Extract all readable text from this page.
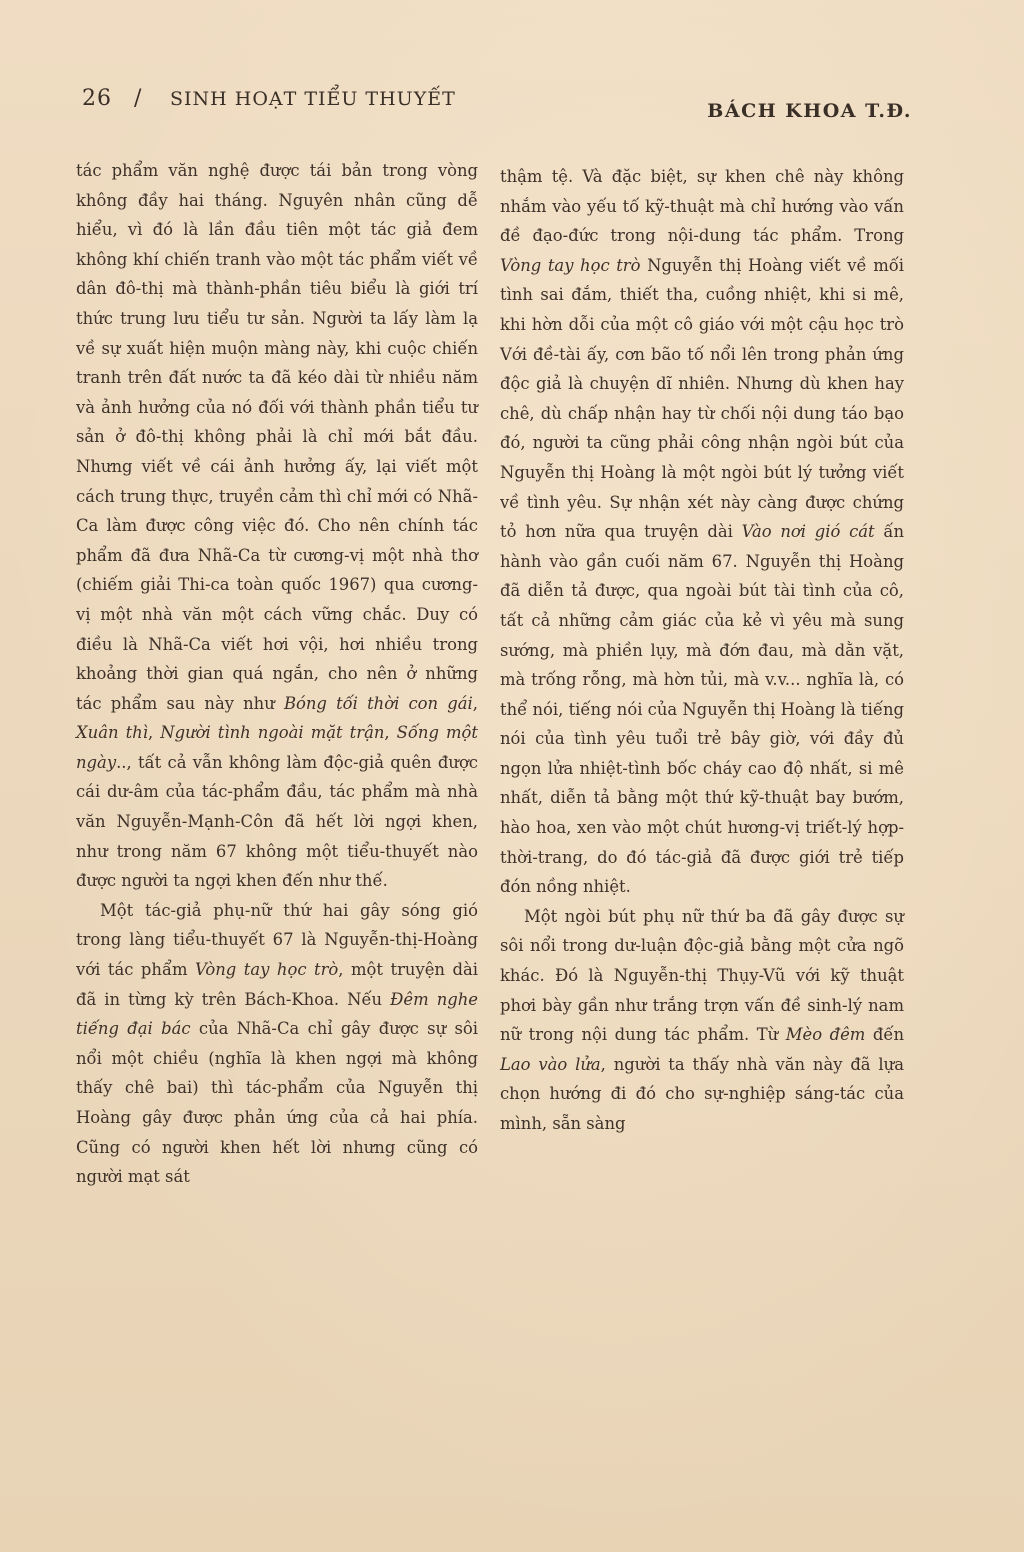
26 / SINH HOẠT TIỂU THUYẾT
BÁCH KHOA T.Đ.

tác phẩm văn nghệ được tái bản trong vòng không đầy hai tháng. Nguyên nhân cũng dễ hiểu, vì đó là lần đầu tiên một tác giả đem không khí chiến tranh vào một tác phẩm viết về dân đô-thị mà thành-phần tiêu biểu là giới trí thức trung lưu tiểu tư sản. Người ta lấy làm lạ về sự xuất hiện muộn màng này, khi cuộc chiến tranh trên đất nước ta đã kéo dài từ nhiều năm và ảnh hưởng của nó đối với thành phần tiểu tư sản ở đô-thị không phải là chỉ mới bắt đầu. Nhưng viết về cái ảnh hưởng ấy, lại viết một cách trung thực, truyền cảm thì chỉ mới có Nhã-Ca làm được công việc đó. Cho nên chính tác phẩm đã đưa Nhã-Ca từ cương-vị một nhà thơ (chiếm giải Thi-ca toàn quốc 1967) qua cương-vị một nhà văn một cách vững chắc. Duy có điều là Nhã-Ca viết hơi vội, hơi nhiều trong khoảng thời gian quá ngắn, cho nên ở những tác phẩm sau này như Bóng tối thời con gái, Xuân thì, Người tình ngoài mặt trận, Sống một ngày.., tất cả vẫn không làm độc-giả quên được cái dư-âm của tác-phẩm đầu, tác phẩm mà nhà văn Nguyễn-Mạnh-Côn đã hết lời ngợi khen, như trong năm 67 không một tiểu-thuyết nào được người ta ngợi khen đến như thế.

Một tác-giả phụ-nữ thứ hai gây sóng gió trong làng tiểu-thuyết 67 là Nguyễn-thị-Hoàng với tác phẩm Vòng tay học trò, một truyện dài đã in từng kỳ trên Bách-Khoa. Nếu Đêm nghe tiếng đại bác của Nhã-Ca chỉ gây được sự sôi nổi một chiều (nghĩa là khen ngợi mà không thấy chê bai) thì tác-phẩm của Nguyễn thị Hoàng gây được phản ứng của cả hai phía. Cũng có người khen hết lời nhưng cũng có người mạt sát

thậm tệ. Và đặc biệt, sự khen chê này không nhắm vào yếu tố kỹ-thuật mà chỉ hướng vào vấn đề đạo-đức trong nội-dung tác phẩm. Trong Vòng tay học trò Nguyễn thị Hoàng viết về mối tình sai đắm, thiết tha, cuồng nhiệt, khi si mê, khi hờn dỗi của một cô giáo với một cậu học trò Với đề-tài ấy, cơn bão tố nổi lên trong phản ứng độc giả là chuyện dĩ nhiên. Nhưng dù khen hay chê, dù chấp nhận hay từ chối nội dung táo bạo đó, người ta cũng phải công nhận ngòi bút của Nguyễn thị Hoàng là một ngòi bút lý tưởng viết về tình yêu. Sự nhận xét này càng được chứng tỏ hơn nữa qua truyện dài Vào nơi gió cát ấn hành vào gần cuối năm 67. Nguyễn thị Hoàng đã diễn tả được, qua ngoài bút tài tình của cô, tất cả những cảm giác của kẻ vì yêu mà sung sướng, mà phiền lụy, mà đớn đau, mà dằn vặt, mà trống rỗng, mà hờn tủi, mà v.v... nghĩa là, có thể nói, tiếng nói của Nguyễn thị Hoàng là tiếng nói của tình yêu tuổi trẻ bây giờ, với đầy đủ ngọn lửa nhiệt-tình bốc cháy cao độ nhất, si mê nhất, diễn tả bằng một thứ kỹ-thuật bay bướm, hào hoa, xen vào một chút hương-vị triết-lý hợp-thời-trang, do đó tác-giả đã được giới trẻ tiếp đón nồng nhiệt.

Một ngòi bút phụ nữ thứ ba đã gây được sự sôi nổi trong dư-luận độc-giả bằng một cửa ngõ khác. Đó là Nguyễn-thị Thụy-Vũ với kỹ thuật phơi bày gần như trắng trợn vấn đề sinh-lý nam nữ trong nội dung tác phẩm. Từ Mèo đêm đến Lao vào lửa, người ta thấy nhà văn này đã lựa chọn hướng đi đó cho sự-nghiệp sáng-tác của mình, sẵn sàng
